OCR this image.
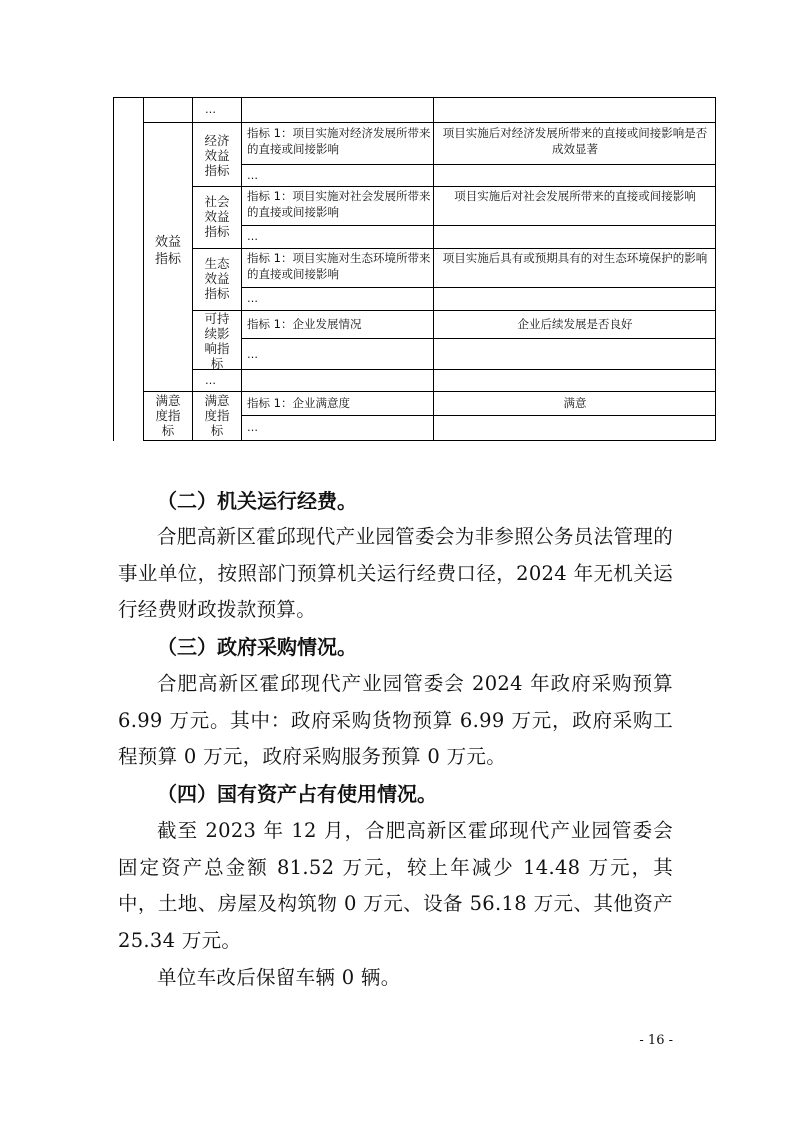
…
效益
指标
经济
效益
指标
指标 1：项目实施对经济发展所带来的直接或间接影响
项目实施后对经济发展所带来的直接或间接影响是否成效显著
…
社会
效益
指标
指标 1：项目实施对社会发展所带来的直接或间接影响
项目实施后对社会发展所带来的直接或间接影响
…
生态
效益
指标
指标 1：项目实施对生态环境所带来的直接或间接影响
项目实施后具有或预期具有的对生态环境保护的影响
…
可持
续影
响指
标
指标 1：企业发展情况	企业后续发展是否良好
…
…
满意
度指
标
满意
度指
标
指标 1：企业满意度	满意
…
（二）机关运行经费。

合肥高新区霍邱现代产业园管委会为非参照公务员法管理的事业单位，按照部门预算机关运行经费口径，2024 年无机关运行经费财政拨款预算。

（三）政府采购情况。

合肥高新区霍邱现代产业园管委会 2024 年政府采购预算 6.99 万元。其中：政府采购货物预算 6.99 万元，政府采购工程预算 0 万元，政府采购服务预算 0 万元。

（四）国有资产占有使用情况。

截至 2023 年 12 月，合肥高新区霍邱现代产业园管委会固定资产总金额 81.52 万元，较上年减少 14.48 万元，其中，土地、房屋及构筑物 0 万元、设备 56.18 万元、其他资产 25.34 万元。

单位车改后保留车辆 0 辆。

- 16 -
